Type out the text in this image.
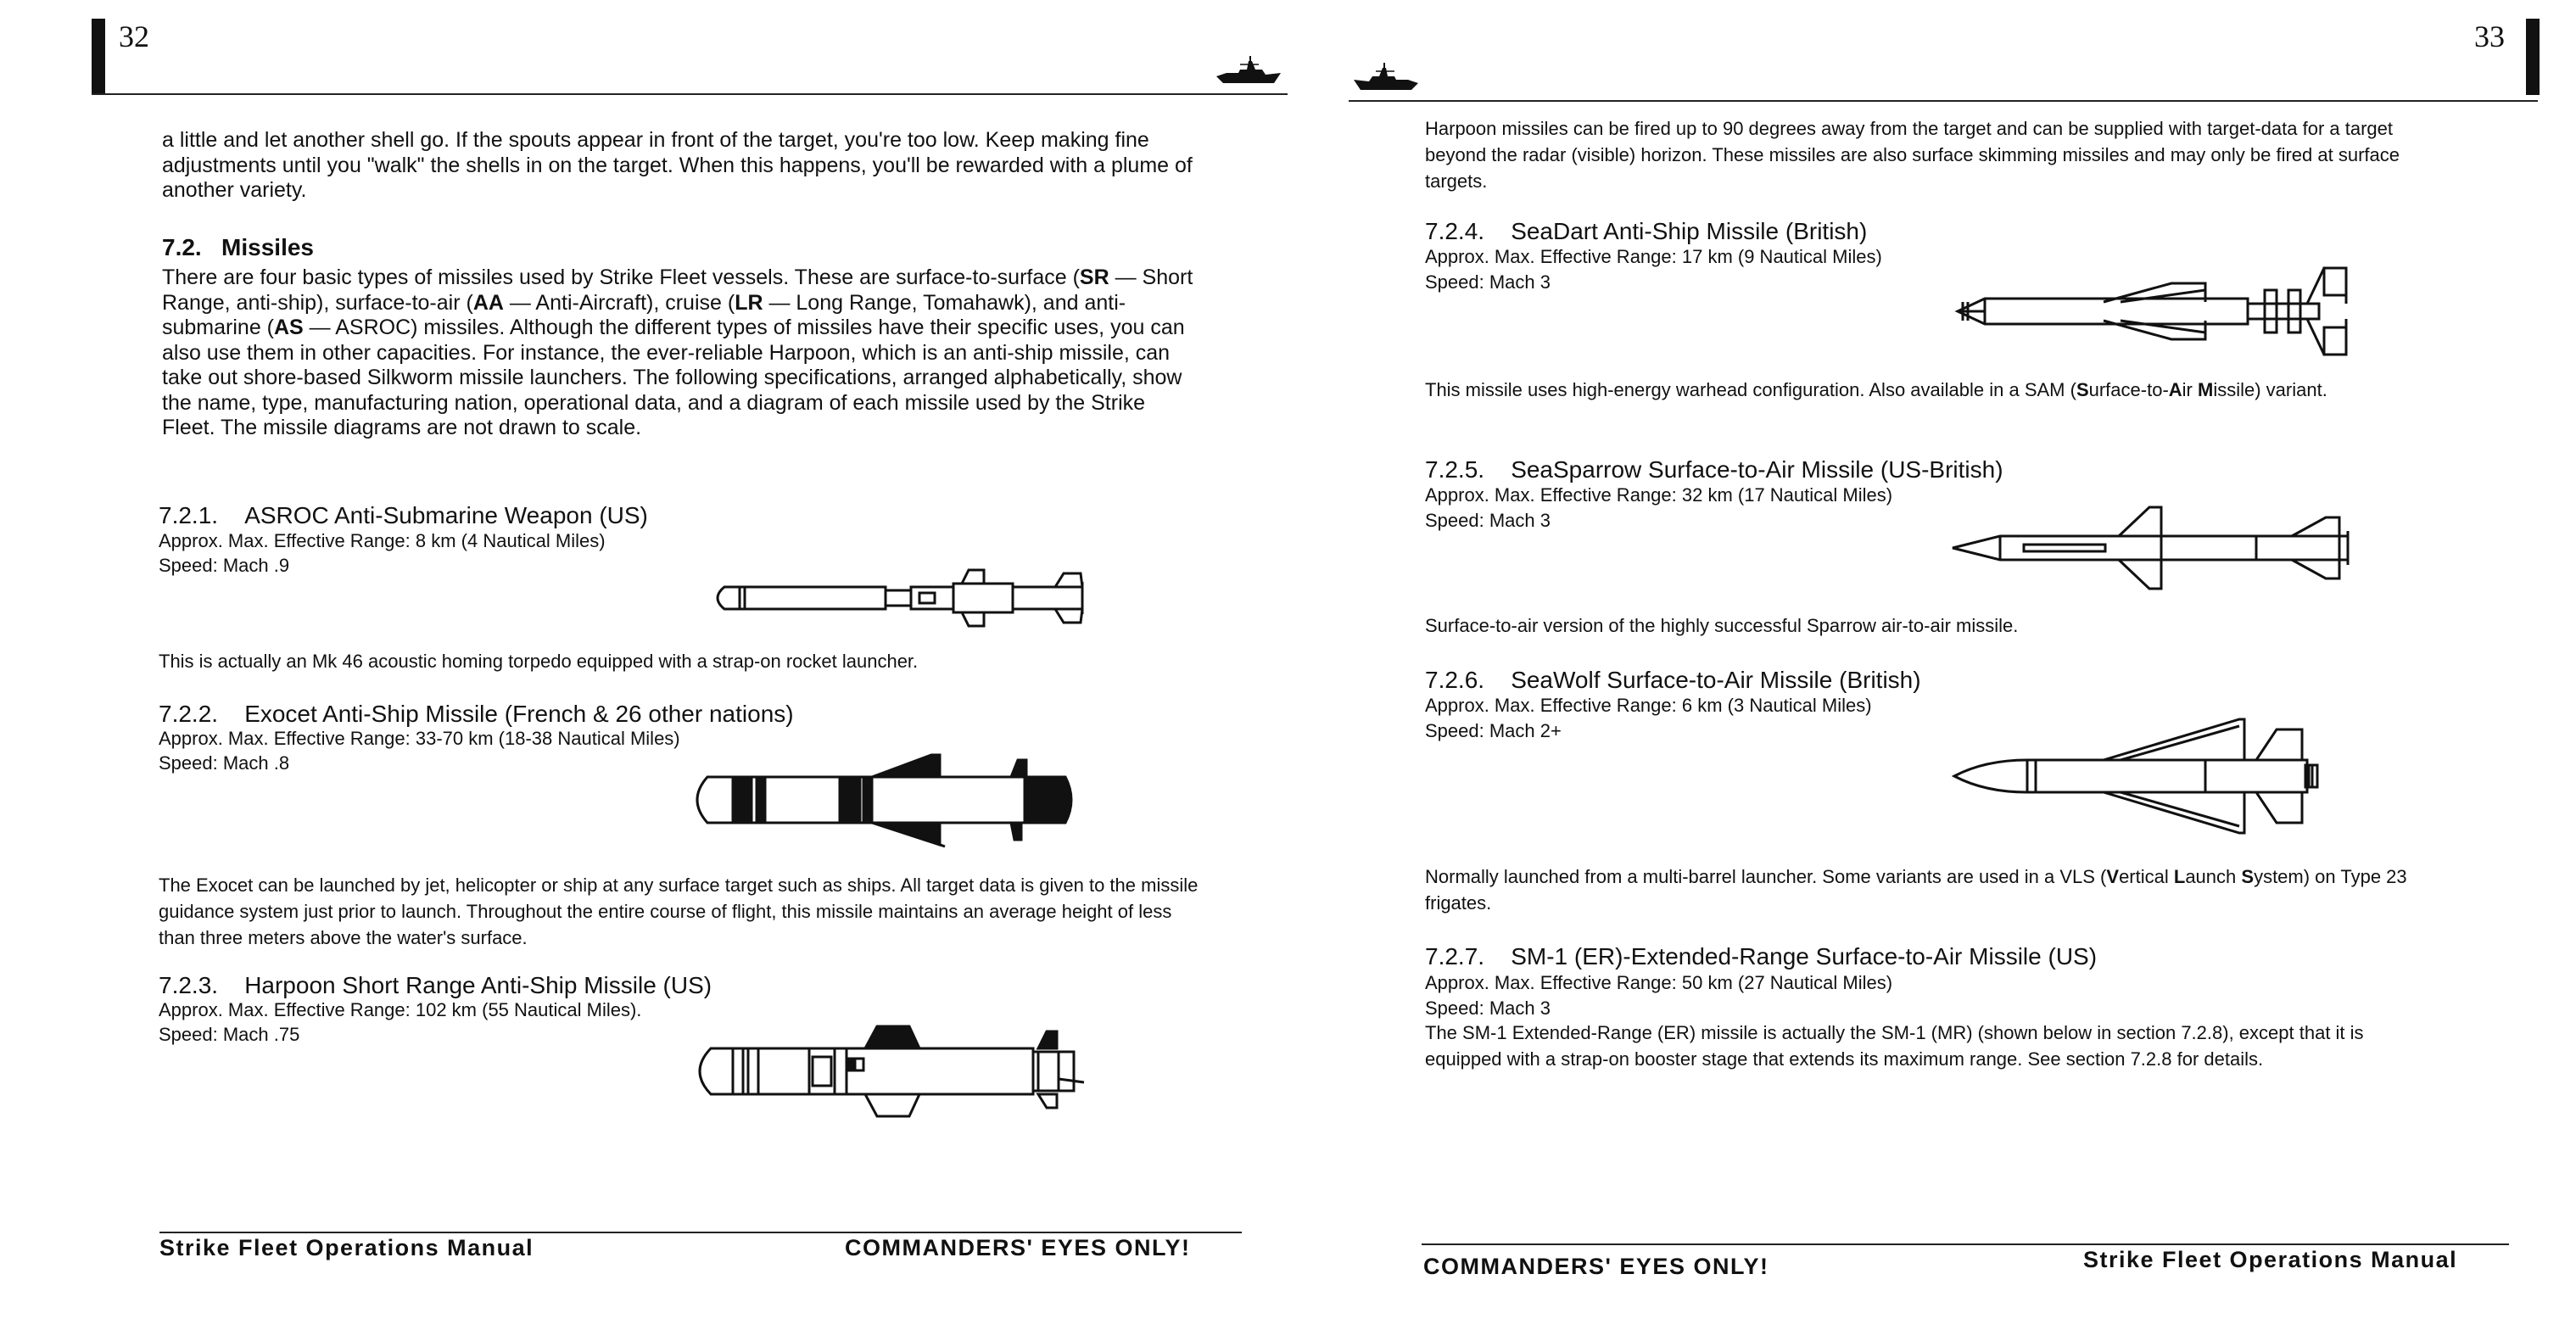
32
a little and let another shell go. If the spouts appear in front of the target, you're too low. Keep making fine adjustments until you "walk" the shells in on the target. When this happens, you'll be rewarded with a plume of another variety.
7.2. Missiles
There are four basic types of missiles used by Strike Fleet vessels. These are surface-to-surface (SR — Short Range, anti-ship), surface-to-air (AA — Anti-Aircraft), cruise (LR — Long Range, Tomahawk), and anti-submarine (AS — ASROC) missiles. Although the different types of missiles have their specific uses, you can also use them in other capacities. For instance, the ever-reliable Harpoon, which is an anti-ship missile, can take out shore-based Silkworm missile launchers. The following specifications, arranged alphabetically, show the name, type, manufacturing nation, operational data, and a diagram of each missile used by the Strike Fleet. The missile diagrams are not drawn to scale.
7.2.1. ASROC Anti-Submarine Weapon (US)
Approx. Max. Effective Range: 8 km (4 Nautical Miles)
Speed: Mach .9
This is actually an Mk 46 acoustic homing torpedo equipped with a strap-on rocket launcher.
7.2.2. Exocet Anti-Ship Missile (French & 26 other nations)
Approx. Max. Effective Range: 33-70 km (18-38 Nautical Miles)
Speed: Mach .8
The Exocet can be launched by jet, helicopter or ship at any surface target such as ships. All target data is given to the missile guidance system just prior to launch. Throughout the entire course of flight, this missile maintains an average height of less than three meters above the water's surface.
7.2.3. Harpoon Short Range Anti-Ship Missile (US)
Approx. Max. Effective Range: 102 km (55 Nautical Miles).
Speed: Mach .75
Strike Fleet Operations Manual	COMMANDERS' EYES ONLY!
33
Harpoon missiles can be fired up to 90 degrees away from the target and can be supplied with target-data for a target beyond the radar (visible) horizon. These missiles are also surface skimming missiles and may only be fired at surface targets.
7.2.4. SeaDart Anti-Ship Missile (British)
Approx. Max. Effective Range: 17 km (9 Nautical Miles)
Speed: Mach 3
This missile uses high-energy warhead configuration. Also available in a SAM (Surface-to-Air Missile) variant.
7.2.5. SeaSparrow Surface-to-Air Missile (US-British)
Approx. Max. Effective Range: 32 km (17 Nautical Miles)
Speed: Mach 3
Surface-to-air version of the highly successful Sparrow air-to-air missile.
7.2.6. SeaWolf Surface-to-Air Missile (British)
Approx. Max. Effective Range: 6 km (3 Nautical Miles)
Speed: Mach 2+
Normally launched from a multi-barrel launcher. Some variants are used in a VLS (Vertical Launch System) on Type 23 frigates.
7.2.7. SM-1 (ER)-Extended-Range Surface-to-Air Missile (US)
Approx. Max. Effective Range: 50 km (27 Nautical Miles)
Speed: Mach 3
The SM-1 Extended-Range (ER) missile is actually the SM-1 (MR) (shown below in section 7.2.8), except that it is equipped with a strap-on booster stage that extends its maximum range. See section 7.2.8 for details.
COMMANDERS' EYES ONLY!	Strike Fleet Operations Manual
